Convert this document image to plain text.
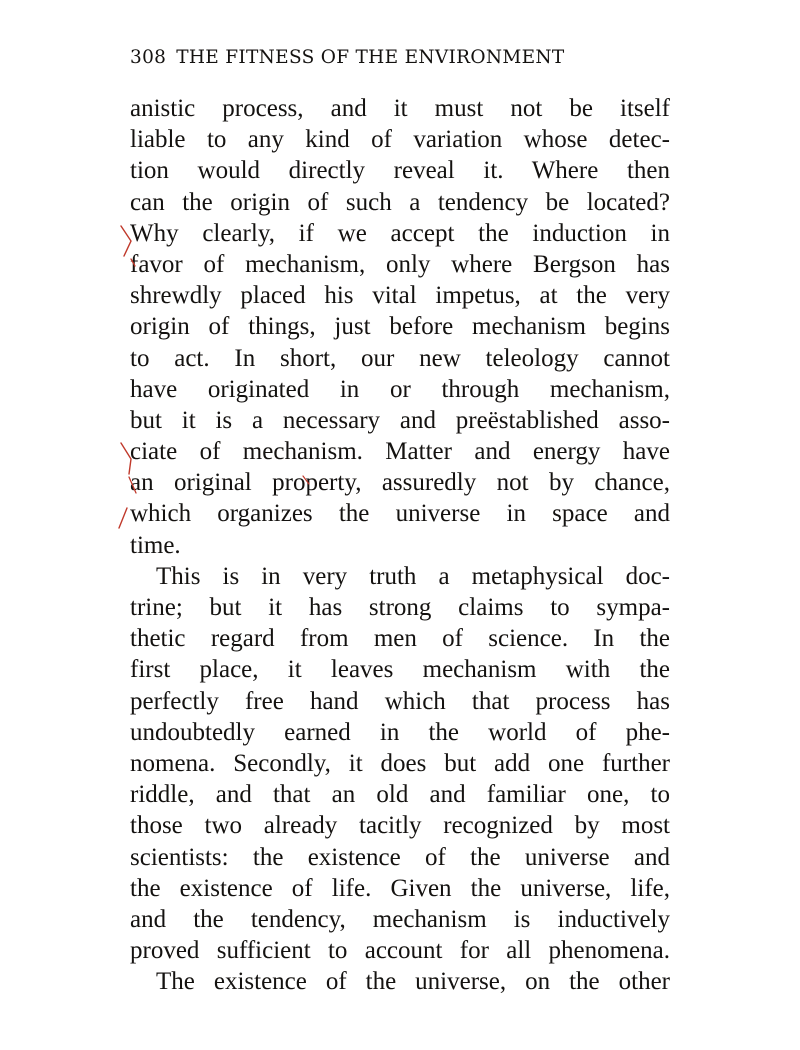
308 THE FITNESS OF THE ENVIRONMENT
anistic process, and it must not be itself
liable to any kind of variation whose detec-
tion would directly reveal it. Where then
can the origin of such a tendency be located?
Why clearly, if we accept the induction in
favor of mechanism, only where Bergson has
shrewdly placed his vital impetus, at the very
origin of things, just before mechanism begins
to act. In short, our new teleology cannot
have originated in or through mechanism,
but it is a necessary and preëstablished asso-
ciate of mechanism. Matter and energy have
an original property, assuredly not by chance,
which organizes the universe in space and
time.
This is in very truth a metaphysical doc-
trine; but it has strong claims to sympa-
thetic regard from men of science. In the
first place, it leaves mechanism with the
perfectly free hand which that process has
undoubtedly earned in the world of phe-
nomena. Secondly, it does but add one further
riddle, and that an old and familiar one, to
those two already tacitly recognized by most
scientists: the existence of the universe and
the existence of life. Given the universe, life,
and the tendency, mechanism is inductively
proved sufficient to account for all phenomena.
The existence of the universe, on the other
